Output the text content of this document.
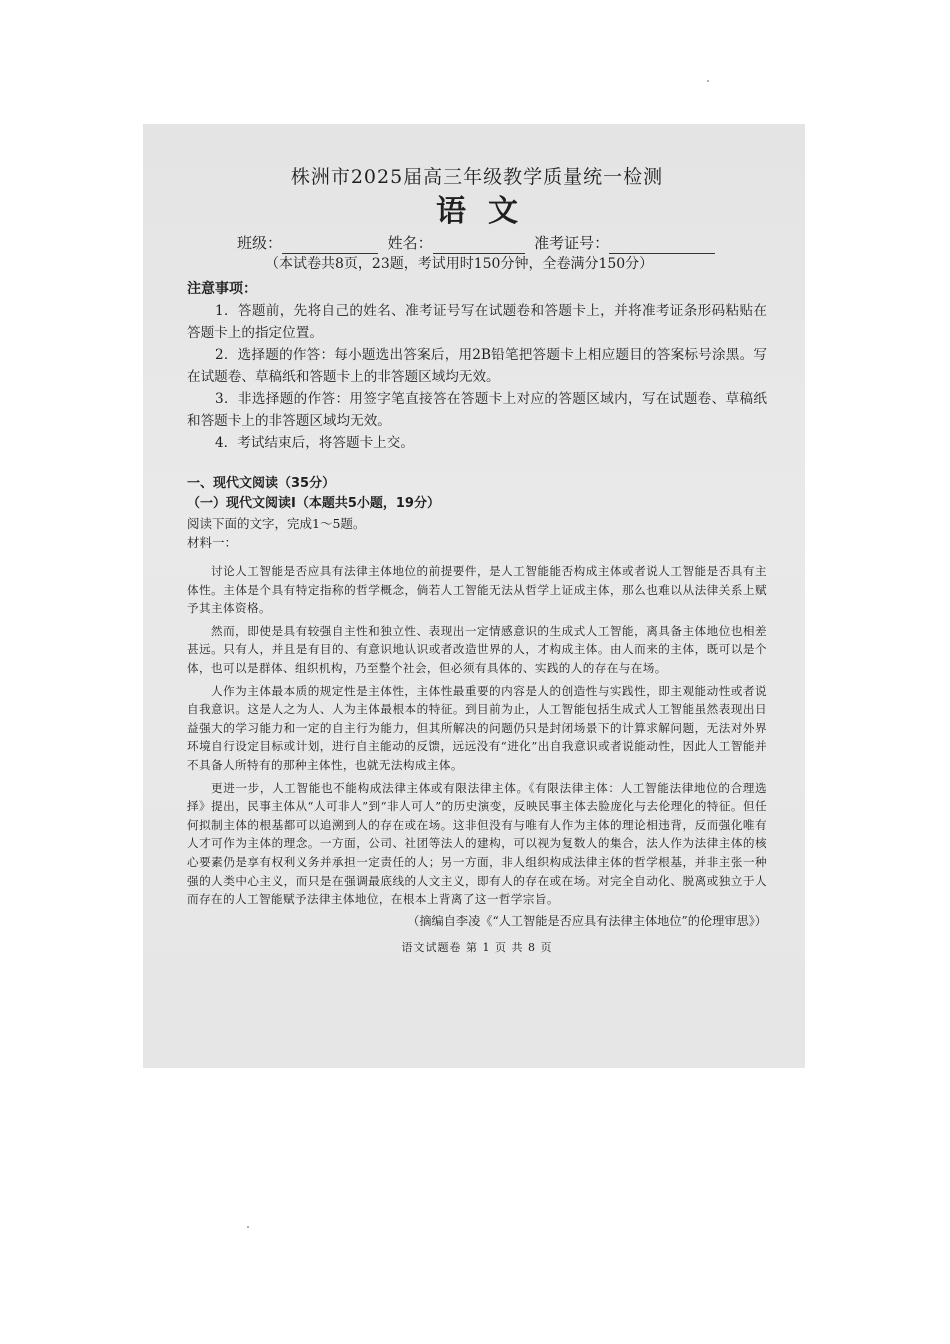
株洲市2025届高三年级教学质量统一检测
语文
班级：	姓名：	准考证号：
（本试卷共8页，23题，考试用时150分钟，全卷满分150分）
注意事项：
1．答题前，先将自己的姓名、准考证号写在试题卷和答题卡上，并将准考证条形码粘贴在答题卡上的指定位置。
2．选择题的作答：每小题选出答案后，用2B铅笔把答题卡上相应题目的答案标号涂黑。写在试题卷、草稿纸和答题卡上的非答题区域均无效。
3．非选择题的作答：用签字笔直接答在答题卡上对应的答题区域内，写在试题卷、草稿纸和答题卡上的非答题区域均无效。
4．考试结束后，将答题卡上交。
一、现代文阅读（35分）
（一）现代文阅读Ⅰ（本题共5小题，19分）
阅读下面的文字，完成1～5题。
材料一：
讨论人工智能是否应具有法律主体地位的前提要件，是人工智能能否构成主体或者说人工智能是否具有主体性。主体是个具有特定指称的哲学概念，倘若人工智能无法从哲学上证成主体，那么也难以从法律关系上赋予其主体资格。
然而，即使是具有较强自主性和独立性、表现出一定情感意识的生成式人工智能，离具备主体地位也相差甚远。只有人，并且是有目的、有意识地认识或者改造世界的人，才构成主体。由人而来的主体，既可以是个体，也可以是群体、组织机构，乃至整个社会，但必须有具体的、实践的人的存在与在场。
人作为主体最本质的规定性是主体性，主体性最重要的内容是人的创造性与实践性，即主观能动性或者说自我意识。这是人之为人、人为主体最根本的特征。到目前为止，人工智能包括生成式人工智能虽然表现出日益强大的学习能力和一定的自主行为能力，但其所解决的问题仍只是封闭场景下的计算求解问题，无法对外界环境自行设定目标或计划，进行自主能动的反馈，远远没有“进化”出自我意识或者说能动性，因此人工智能并不具备人所特有的那种主体性，也就无法构成主体。
更进一步，人工智能也不能构成法律主体或有限法律主体。《有限法律主体：人工智能法律地位的合理选择》提出，民事主体从“人可非人”到“非人可人”的历史演变，反映民事主体去脸庞化与去伦理化的特征。但任何拟制主体的根基都可以追溯到人的存在或在场。这非但没有与唯有人作为主体的理论相违背，反而强化唯有人才可作为主体的理念。一方面，公司、社团等法人的建构，可以视为复数人的集合，法人作为法律主体的核心要素仍是享有权利义务并承担一定责任的人；另一方面，非人组织构成法律主体的哲学根基，并非主张一种强的人类中心主义，而只是在强调最底线的人文主义，即有人的存在或在场。对完全自动化、脱离或独立于人而存在的人工智能赋予法律主体地位，在根本上背离了这一哲学宗旨。
（摘编自李凌《“人工智能是否应具有法律主体地位”的伦理审思》）
语文试题卷 第 1 页 共 8 页
